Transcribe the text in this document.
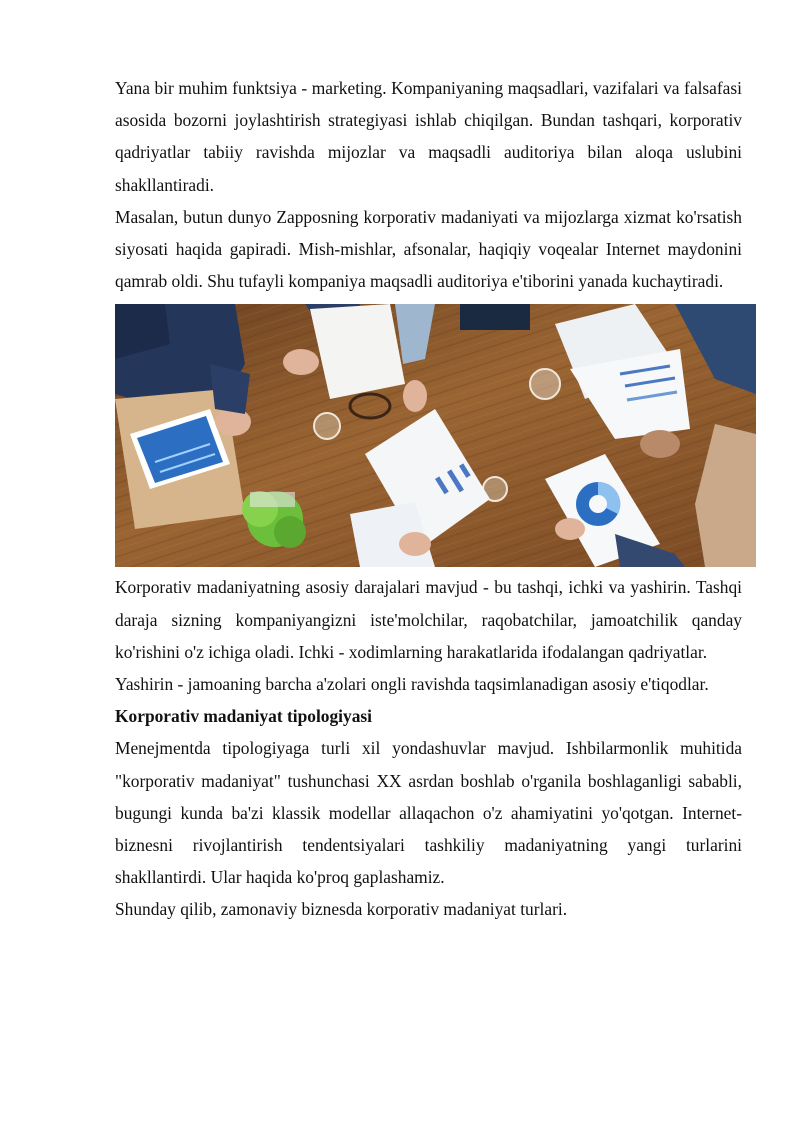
Yana bir muhim funktsiya - marketing. Kompaniyaning maqsadlari, vazifalari va falsafasi asosida bozorni joylashtirish strategiyasi ishlab chiqilgan. Bundan tashqari, korporativ qadriyatlar tabiiy ravishda mijozlar va maqsadli auditoriya bilan aloqa uslubini shakllantiradi.

Masalan, butun dunyo Zapposning korporativ madaniyati va mijozlarga xizmat ko'rsatish siyosati haqida gapiradi. Mish-mishlar, afsonalar, haqiqiy voqealar Internet maydonini qamrab oldi. Shu tufayli kompaniya maqsadli auditoriya e'tiborini yanada kuchaytiradi.

Korporativ madaniyatning asosiy darajalari mavjud - bu tashqi, ichki va yashirin. Tashqi daraja sizning kompaniyangizni iste'molchilar, raqobatchilar, jamoatchilik qanday ko'rishini o'z ichiga oladi. Ichki - xodimlarning harakatlarida ifodalangan qadriyatlar.

Yashirin - jamoaning barcha a'zolari ongli ravishda taqsimlanadigan asosiy e'tiqodlar.

Korporativ madaniyat tipologiyasi

Menejmentda tipologiyaga turli xil yondashuvlar mavjud. Ishbilarmonlik muhitida "korporativ madaniyat" tushunchasi XX asrdan boshlab o'rganila boshlaganligi sababli, bugungi kunda ba'zi klassik modellar allaqachon o'z ahamiyatini yo'qotgan. Internet-biznesni rivojlantirish tendentsiyalari tashkiliy madaniyatning yangi turlarini shakllantirdi. Ular haqida ko'proq gaplashamiz.

Shunday qilib, zamonaviy biznesda korporativ madaniyat turlari.
